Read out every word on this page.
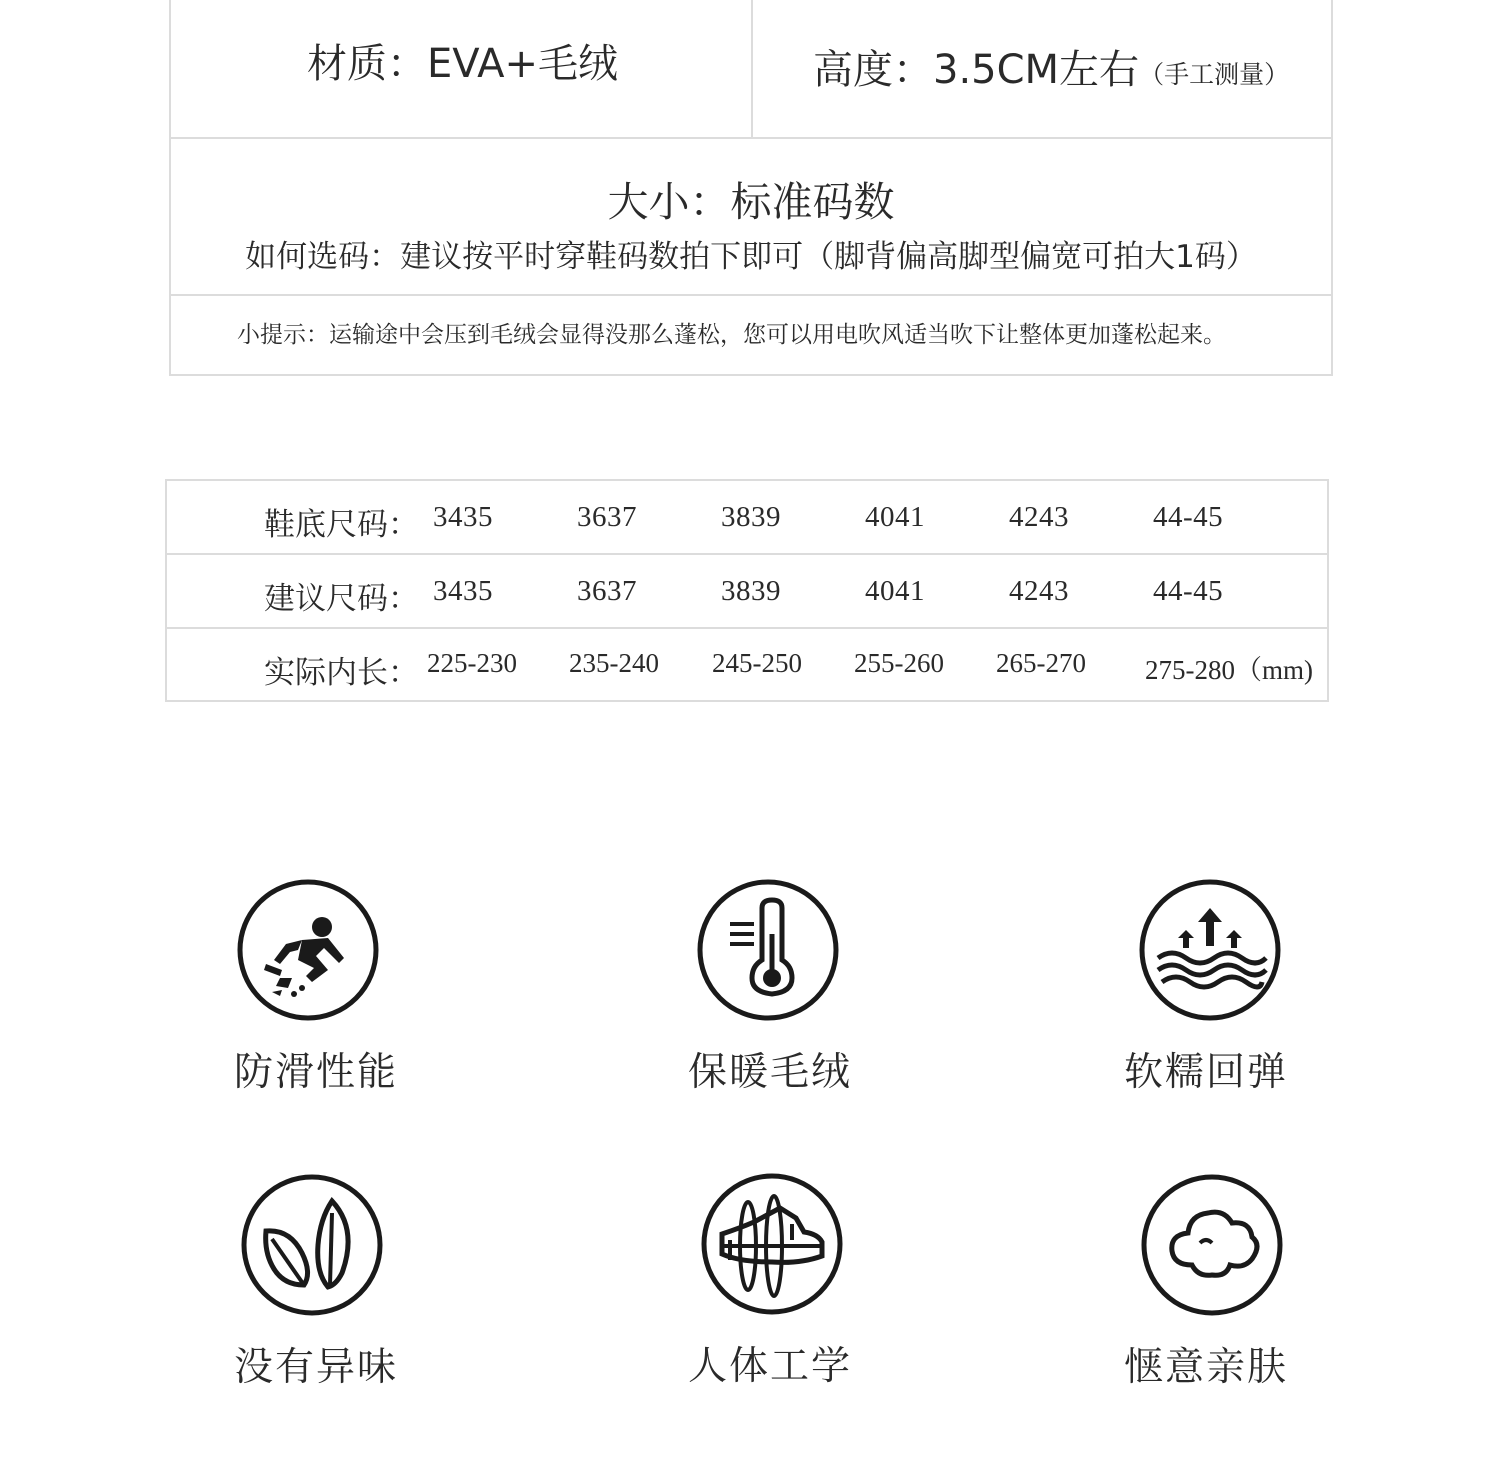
材质：EVA+毛绒	高度：3.5CM左右（手工测量）
大小：标准码数
如何选码：建议按平时穿鞋码数拍下即可（脚背偏高脚型偏宽可拍大1码）
小提示：运输途中会压到毛绒会显得没那么蓬松，您可以用电吹风适当吹下让整体更加蓬松起来。
鞋底尺码： 3435	3637	3839	4041	4243	44-45
建议尺码： 3435	3637	3839	4041	4243	44-45
实际内长： 225-230 235-240 245-250 255-260 265-270 275-280（mm)
防滑性能	保暖毛绒	软糯回弹
没有异味	人体工学	惬意亲肤
